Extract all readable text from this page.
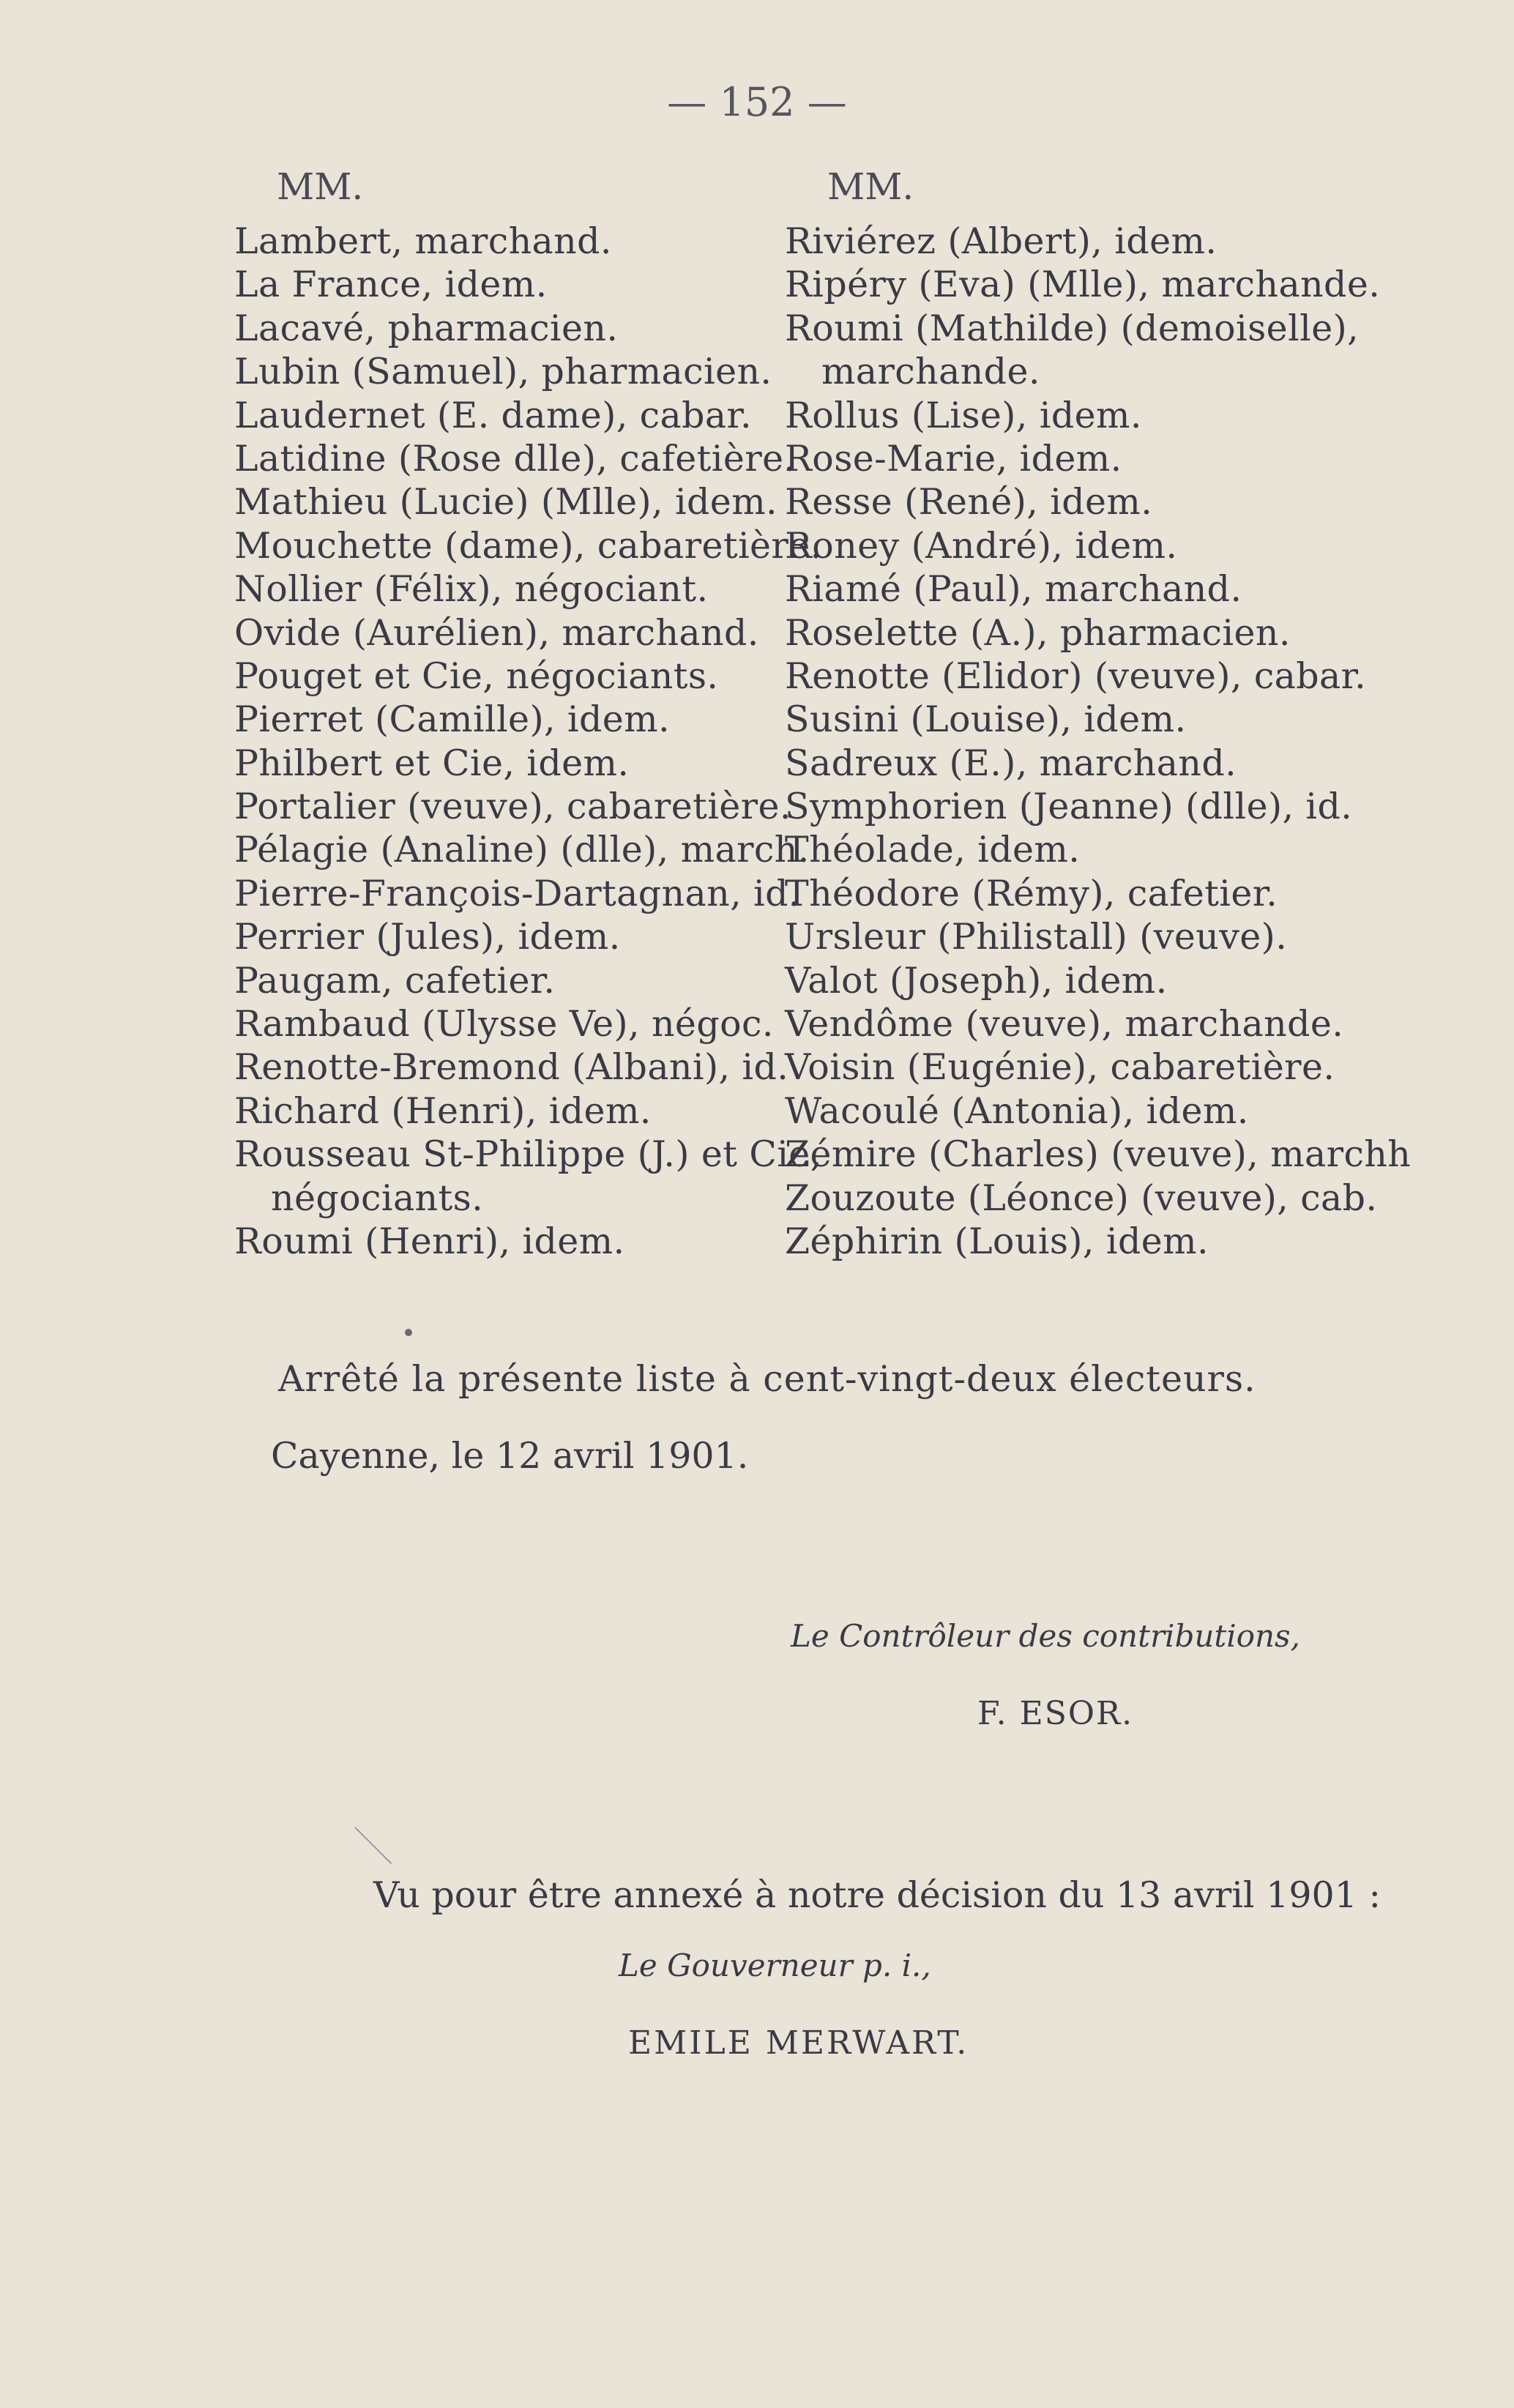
— 152 —
MM.
Lambert, marchand.
La France, idem.
Lacavé, pharmacien.
Lubin (Samuel), pharmacien.
Laudernet (E. dame), cabar.
Latidine (Rose dlle), cafetière.
Mathieu (Lucie) (Mlle), idem.
Mouchette (dame), cabaretière.
Nollier (Félix), négociant.
Ovide (Aurélien), marchand.
Pouget et Cie, négociants.
Pierret (Camille), idem.
Philbert et Cie, idem.
Portalier (veuve), cabaretière.
Pélagie (Analine) (dlle), march.
Pierre-François-Dartagnan, id.
Perrier (Jules), idem.
Paugam, cafetier.
Rambaud (Ulysse Ve), négoc.
Renotte-Bremond (Albani), id.
Richard (Henri), idem.
Rousseau St-Philippe (J.) et Cie,
négociants.
Roumi (Henri), idem.
MM.
Riviérez (Albert), idem.
Ripéry (Eva) (Mlle), marchande.
Roumi (Mathilde) (demoiselle),
marchande.
Rollus (Lise), idem.
Rose-Marie, idem.
Resse (René), idem.
Roney (André), idem.
Riamé (Paul), marchand.
Roselette (A.), pharmacien.
Renotte (Elidor) (veuve), cabar.
Susini (Louise), idem.
Sadreux (E.), marchand.
Symphorien (Jeanne) (dlle), id.
Théolade, idem.
Théodore (Rémy), cafetier.
Ursleur (Philistall) (veuve).
Valot (Joseph), idem.
Vendôme (veuve), marchande.
Voisin (Eugénie), cabaretière.
Wacoulé (Antonia), idem.
Zémire (Charles) (veuve), marchh
Zouzoute (Léonce) (veuve), cab.
Zéphirin (Louis), idem.
Arrêté la présente liste à cent-vingt-deux électeurs.
Cayenne, le 12 avril 1901.
Le Contrôleur des contributions,
F. ESOR.
Vu pour être annexé à notre décision du 13 avril 1901 :
Le Gouverneur p. i.,
EMILE MERWART.
